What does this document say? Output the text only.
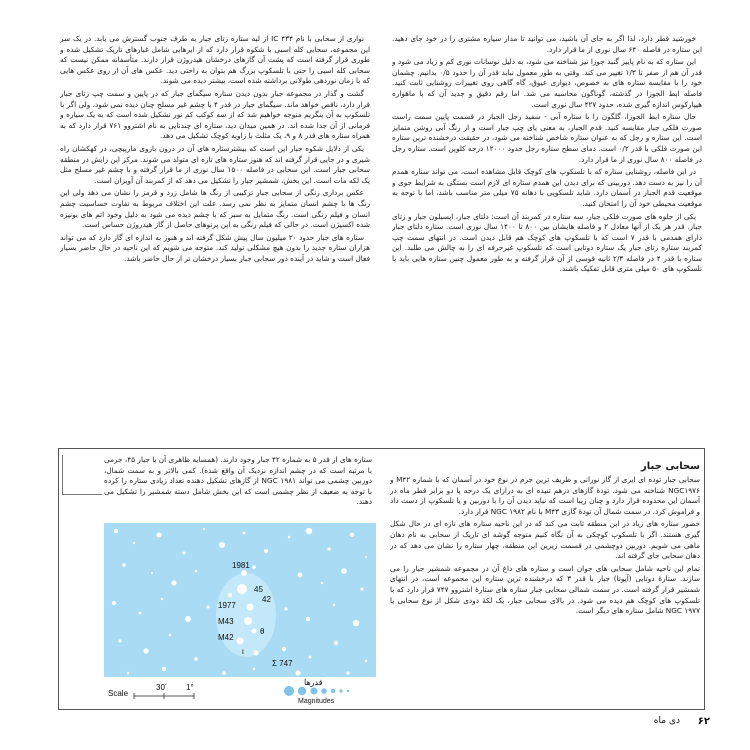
خورشید قطر دارد، لذا اگر به جای آن باشید، می توانید تا مدار سیاره مشتری را در خود جای دهید. این ستاره در فاصله ۶۴۰ سال نوری از ما قرار دارد.

این ستاره که به نام پاییز گنبد جوزا نیز شناخته می شود، به دلیل نوسانات نوری کم و زیاد می شود و قدر آن هم از صفر تا ۱/۳ تغییر می کند. وقتی به طور معمول نباید قدر آن را حدود ۰/۵ بدانیم. چشمان خود را با مقایسه ستاره های به خصوص، دیواری عیوق، گاه گاهی روی تغییرات روشنایی ثابت کنید. فاصله ابط الجوزا در گذشته، گوناگون محاسبه می شد. اما رقم دقیق و جدید آن که با ماهواره هیپارکوس اندازه گیری شده، حدود ۴۲۷ سال نوری است.

حال ستاره ابط الجوزا، گلگون را با ستاره آبی - سفید رجل الجبار در قسمت پایین سمت راست صورت فلکی جبار مقایسه کنید. قدم الجبار، به معنی پای چپ جبار است و از رنگ آبی روشن متمایز است. این ستاره و رجل که به عنوان ستاره شاخص شناخته می شود، در حقیقت درخشنده ترین ستاره این صورت فلکی با قدر ۰/۲ است. دمای سطح ستاره رجل حدود ۱۲۰۰۰ درجه کلوین است. ستاره رجل در فاصله ۸۰۰ سال نوری از ما قرار دارد.

در این فاصله، روشنایی ستاره که با تلسکوپ های کوچک قابل مشاهده است، می تواند ستاره همدم آن را نیز به دست دهد. دوربینی که برای دیدن این همدم ستاره ای لازم است بستگی به شرایط جوی و موقعیت قدم الجبار در آسمان دارد. شاید تلسکوپی با دهانه ۷۵ میلی متر مناسب باشد، اما با توجه به موقعیت محیطی خود آن را امتحان کنید.

یکی از جلوه های صورت فلکی جبار، سه ستاره در کمربند آن است: دلتای جبار، اپسیلون جبار و زتای جبار. قدر هر یک از آنها معادل ۲ و فاصله هایشان بین ۸۰۰ تا ۱۴۰۰ سال نوری است. ستاره دلتای جبار دارای همدمی با قدر ۷ است که با تلسکوپ های کوچک هم قابل دیدن است. در انتهای سمت چپ کمربند ستاره زتای جبار یک ستاره دوتایی است که تلسکوپ غیرحرفه ای را به چالش می طلبد. این ستاره با قدر ۴ در فاصله ۲/۳ ثانیه قوسی از آن قرار گرفته و به طور معمول چنین ستاره هایی باید با تلسکوپ های ۵۰ میلی متری قابل تفکیک باشند.

نواری از سحابی با نام ۴۳۴ IC از لبه ستاره زتای جبار به طرف جنوب گسترش می یابد. در یک سر این مجموعه، سحابی کله اسبی با شکوه قرار دارد که از ابرهایی شامل غبارهای تاریک تشکیل شده و طوری قرار گرفته است که پشت آن گازهای درخشان هیدروژن قرار دارند. متأسفانه ممکن نیست که سحابی کله اسبی را حتی با تلسکوپ بزرگ هم بتوان به راحتی دید. عکس های آن از روی عکس هایی که با زمان نوردهی طولانی برداشته شده است، بیشتر دیده می شوند.

گشت و گذار در مجموعه جبار بدون دیدن ستاره سیگمای جبار که در پایین و سمت چپ زتای جبار قرار دارد، ناقص خواهد ماند. سیگمای جبار در قدر ۴ با چشم غیر مسلح چنان دیده نمی شود، ولی اگر با تلسکوپ به آن بنگریم متوجه خواهیم شد که از سه کوکب کم نور تشکیل شده است که به یک سیاره و فرمانی از آن جدا شده اند. در همین میدان دید، ستاره ای چندتایی به نام اشتروو ۷۶۱ قرار دارد که به همراه ستاره های قدر ۸ و ۹، یک مثلث با زاویه کوچک تشکیل می دهد.

یکی از دلایل شکوه جبار این است که بیشترستاره های آن در درون بازوی مارپیچی، در کهکشان راه شیری و در جایی قرار گرفته اند که هنوز ستاره های تازه ای متولد می شوند. مرکز این زایش در منطقه سحابی جبار است. این سحابی در فاصله ۱۵۰۰ سال نوری از ما قرار گرفته و با چشم غیر مسلح مثل یک لکه مات است. این بخش، شمشیر جبار را تشکیل می دهد که از کمربند آن آویزان است.

عکس برداری رنگی از سحابی جبار ترکیبی از رنگ ها شامل زرد و قرمز را نشان می دهد ولی این رنگ ها با چشم انسان متمایز به نظر نمی رسد. علت این اختلاف مربوط به تفاوت حساسیت چشم انسان و فیلم رنگی است. رنگ متمایل به سبز که با چشم دیده می شود به دلیل وجود اتم های یونیزه شده اکسیژن است. در حالی که فیلم رنگی به این پرتوهای حاصل از گاز هیدروژن حساس است.

ستاره های جبار حدود ۲۰ میلیون سال پیش شکل گرفته اند و هنوز به اندازه ای گاز دارد که می تواند هزاران ستاره جدید را بدون هیچ مشکلی تولید کند. متوجه می شویم که این ناحیه در حال حاضر بسیار فعال است و شاید در آینده دور سحابی جبار بسیار درخشان تر از حال حاضر باشد.

ستاره های از قدر ۵ به شماره ۴۲ جبار وجود دارند. (همسایه ظاهری آن با جبار ۴۵، جرمی با مرتبه است که در چشم اندازه نزدیک آن واقع شده). کمی بالاتر و به سمت شمال، دوربین چشمی می تواند NGC ۱۹۸۱ از گازهای تشکیل دهنده تعداد زیادی ستاره را کرده با توجه به ضعیف از نظر چشمی است که این بخش شامل دسته شمشیر را تشکیل می دهند.
سحابی جبار

سحابی جبار توده ای ابری از گاز نورانی و ظریف ترین جرم در نوع خود در آسمان که با شماره M۴۲ و NGC۱۹۷۶ شناخته می شود. تودهٔ گازهای درهم تنیده ای به درازای یک درجه یا دو برابر قطر ماه در آسمان این محدوده قرار دارد و چنان زیبا است که نباید دیدن آن را با دوربین و یا تلسکوپ از دست داد و فراموش کرد. در سمت شمال آن تودهٔ گازی M۴۳ با نام NGC ۱۹۸۲ قرار دارد.

حضور ستاره های زیاد در این منطقه ثابت می کند که در این ناحیه ستاره های تازه ای در حال شکل گیری هستند. اگر با تلسکوپ کوچکی به آن نگاه کنیم متوجه گوشه ای تاریک از سحابی به نام دهان ماهی می شویم. دوربین دوچشمی در قسمت زیرین این منطقه، چهار ستاره را نشان می دهد که در دهان سحابی جای گرفته اند.

تمام این ناحیه شامل سحابی های جوان است و ستاره های داغ آن در مجموعه شمشیر جبار را می سازند. ستارهٔ دوتایی (آیوتا) جبار با قدر ۳ که درخشنده ترین ستاره این مجموعه است، در انتهای شمشیر قرار گرفته است. در سمت شمالی سحابی جبار ستاره های ستارهٔ اشتروو ۷۴۷ قرار دارد که با تلسکوپ های کوچک هم دیده می شود. در بالای سحابی جبار، یک لکهٔ دودی شکل از نوع سحابی یا NGC ۱۹۷۷ شامل ستاره های دیگر است.

1981
45
42
1977
M43
M42
θ
ι
Σ 747
Scale
30´ 1°
قدرها
Magnitudes
۶۲
دی ماه
